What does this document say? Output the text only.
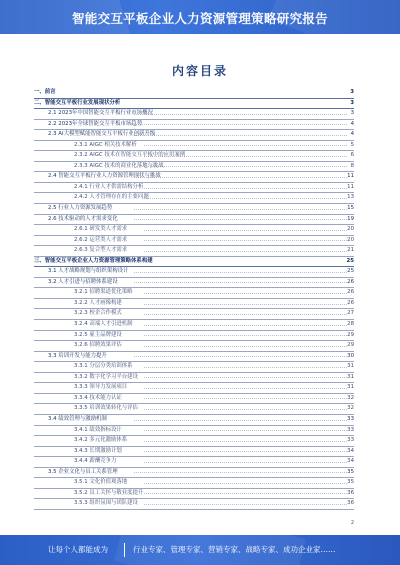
智能交互平板企业人力资源管理策略研究报告
内容目录
一、前言	3
二、智能交互平板行业发展现状分析	3
2.1 2023年中国智能交互平板行业市场概况	3
2.2 2023年全球智能交互平板市场趋势	4
2.3 AI大模型赋能智能交互平板行业创新升级	4
2.3.1 AIGC 相关技术解析	5
2.3.2 AIGC 技术在智能交互平板中的应用案例	6
2.3.3 AIGC 技术的商业化落地与挑战	8
2.4 智能交互平板行业人力资源管理现状与挑战	11
2.4.1 行业人才供需结构分析	11
2.4.2 人才管理存在的主要问题	13
2.5 行业人力资源发展趋势	15
2.6 技术驱动的人才需求变化	19
2.6.1 研发类人才需求	20
2.6.2 运营类人才需求	20
2.6.3 复合型人才需求	21
三、智能交互平板企业人力资源管理策略体系构建	25
3.1 人才战略规划与组织架构设计	25
3.2 人才引进与招聘体系建设	26
3.2.1 招聘渠道优化策略	26
3.2.2 人才画像构建	26
3.2.3 校企合作模式	27
3.2.4 高端人才引进机制	28
3.2.5 雇主品牌建设	29
3.2.6 招聘效果评估	29
3.3 培训开发与能力提升	30
3.3.1 分层分类培训体系	31
3.3.2 数字化学习平台建设	31
3.3.3 领导力发展项目	31
3.3.4 技术能力认证	32
3.3.5 培训效果转化与评估	32
3.4 绩效管理与激励机制	33
3.4.1 绩效指标设计	33
3.4.2 多元化激励体系	33
3.4.3 长期激励计划	34
3.4.4 薪酬竞争力	34
3.5 企业文化与员工关系管理	35
3.5.1 文化价值观落地	35
3.5.2 员工关怀与敬业度提升	36
3.5.3 组织氛围与团队建设	36
2
让每个人都能成为	行业专家、管理专家、营销专家、战略专家、成功企业家……
